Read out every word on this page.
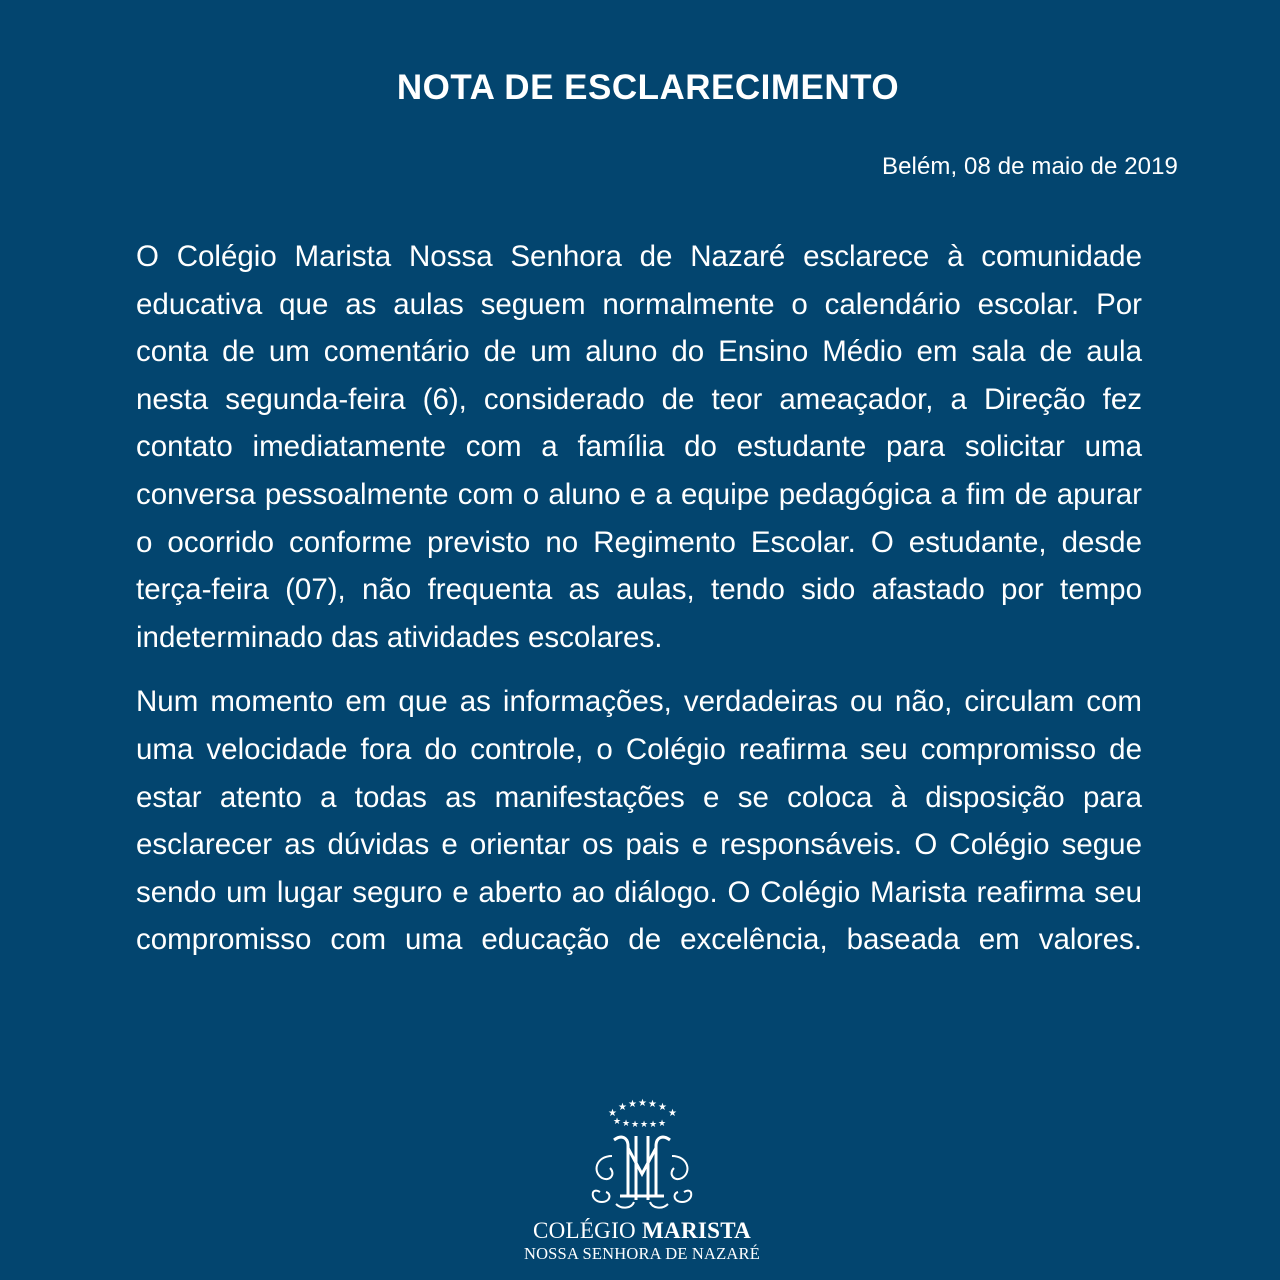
NOTA DE ESCLARECIMENTO
Belém, 08 de maio de 2019

O Colégio Marista Nossa Senhora de Nazaré esclarece à comunidade educativa que as aulas seguem normalmente o calendário escolar. Por conta de um comentário de um aluno do Ensino Médio em sala de aula nesta segunda-feira (6), considerado de teor ameaçador, a Direção fez contato imediatamente com a família do estudante para solicitar uma conversa pessoalmente com o aluno e a equipe pedagógica a fim de apurar o ocorrido conforme previsto no Regimento Escolar. O estudante, desde terça-feira (07), não frequenta as aulas, tendo sido afastado por tempo indeterminado das atividades escolares.

Num momento em que as informações, verdadeiras ou não, circulam com uma velocidade fora do controle, o Colégio reafirma seu compromisso de estar atento a todas as manifestações e se coloca à disposição para esclarecer as dúvidas e orientar os pais e responsáveis. O Colégio segue sendo um lugar seguro e aberto ao diálogo. O Colégio Marista reafirma seu compromisso com uma educação de excelência, baseada em valores.

★ ★ ★ ★ ★
★	★
★ ★ ★ ★ ★ ★
COLÉGIO MARISTA
NOSSA SENHORA DE NAZARÉ
